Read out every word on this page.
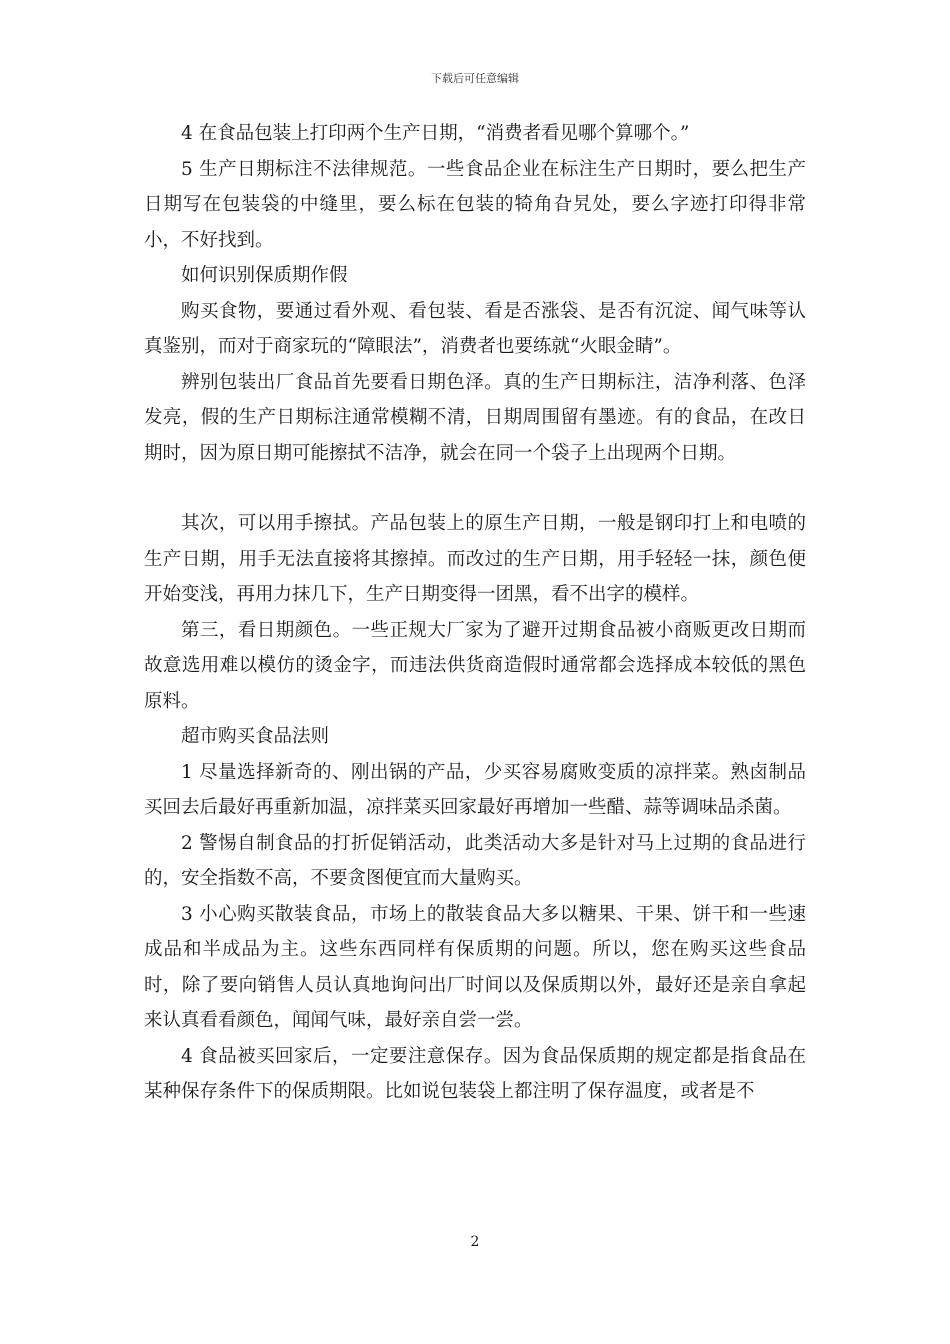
下载后可任意编辑

4 在食品包装上打印两个生产日期，“消费者看见哪个算哪个。”

5 生产日期标注不法律规范。一些食品企业在标注生产日期时，要么把生产日期写在包装袋的中缝里，要么标在包装的犄角旮旯处，要么字迹打印得非常小，不好找到。

如何识别保质期作假

购买食物，要通过看外观、看包装、看是否涨袋、是否有沉淀、闻气味等认真鉴别，而对于商家玩的“障眼法”，消费者也要练就“火眼金睛”。

辨别包装出厂食品首先要看日期色泽。真的生产日期标注，洁净利落、色泽发亮，假的生产日期标注通常模糊不清，日期周围留有墨迹。有的食品，在改日期时，因为原日期可能擦拭不洁净，就会在同一个袋子上出现两个日期。

其次，可以用手擦拭。产品包装上的原生产日期，一般是钢印打上和电喷的生产日期，用手无法直接将其擦掉。而改过的生产日期，用手轻轻一抹，颜色便开始变浅，再用力抹几下，生产日期变得一团黑，看不出字的模样。

第三，看日期颜色。一些正规大厂家为了避开过期食品被小商贩更改日期而故意选用难以模仿的烫金字，而违法供货商造假时通常都会选择成本较低的黑色原料。

超市购买食品法则

1 尽量选择新奇的、刚出锅的产品，少买容易腐败变质的凉拌菜。熟卤制品买回去后最好再重新加温，凉拌菜买回家最好再增加一些醋、蒜等调味品杀菌。

2 警惕自制食品的打折促销活动，此类活动大多是针对马上过期的食品进行的，安全指数不高，不要贪图便宜而大量购买。

3 小心购买散装食品，市场上的散装食品大多以糖果、干果、饼干和一些速成品和半成品为主。这些东西同样有保质期的问题。所以，您在购买这些食品时，除了要向销售人员认真地询问出厂时间以及保质期以外，最好还是亲自拿起来认真看看颜色，闻闻气味，最好亲自尝一尝。

4 食品被买回家后，一定要注意保存。因为食品保质期的规定都是指食品在某种保存条件下的保质期限。比如说包装袋上都注明了保存温度，或者是不

2
